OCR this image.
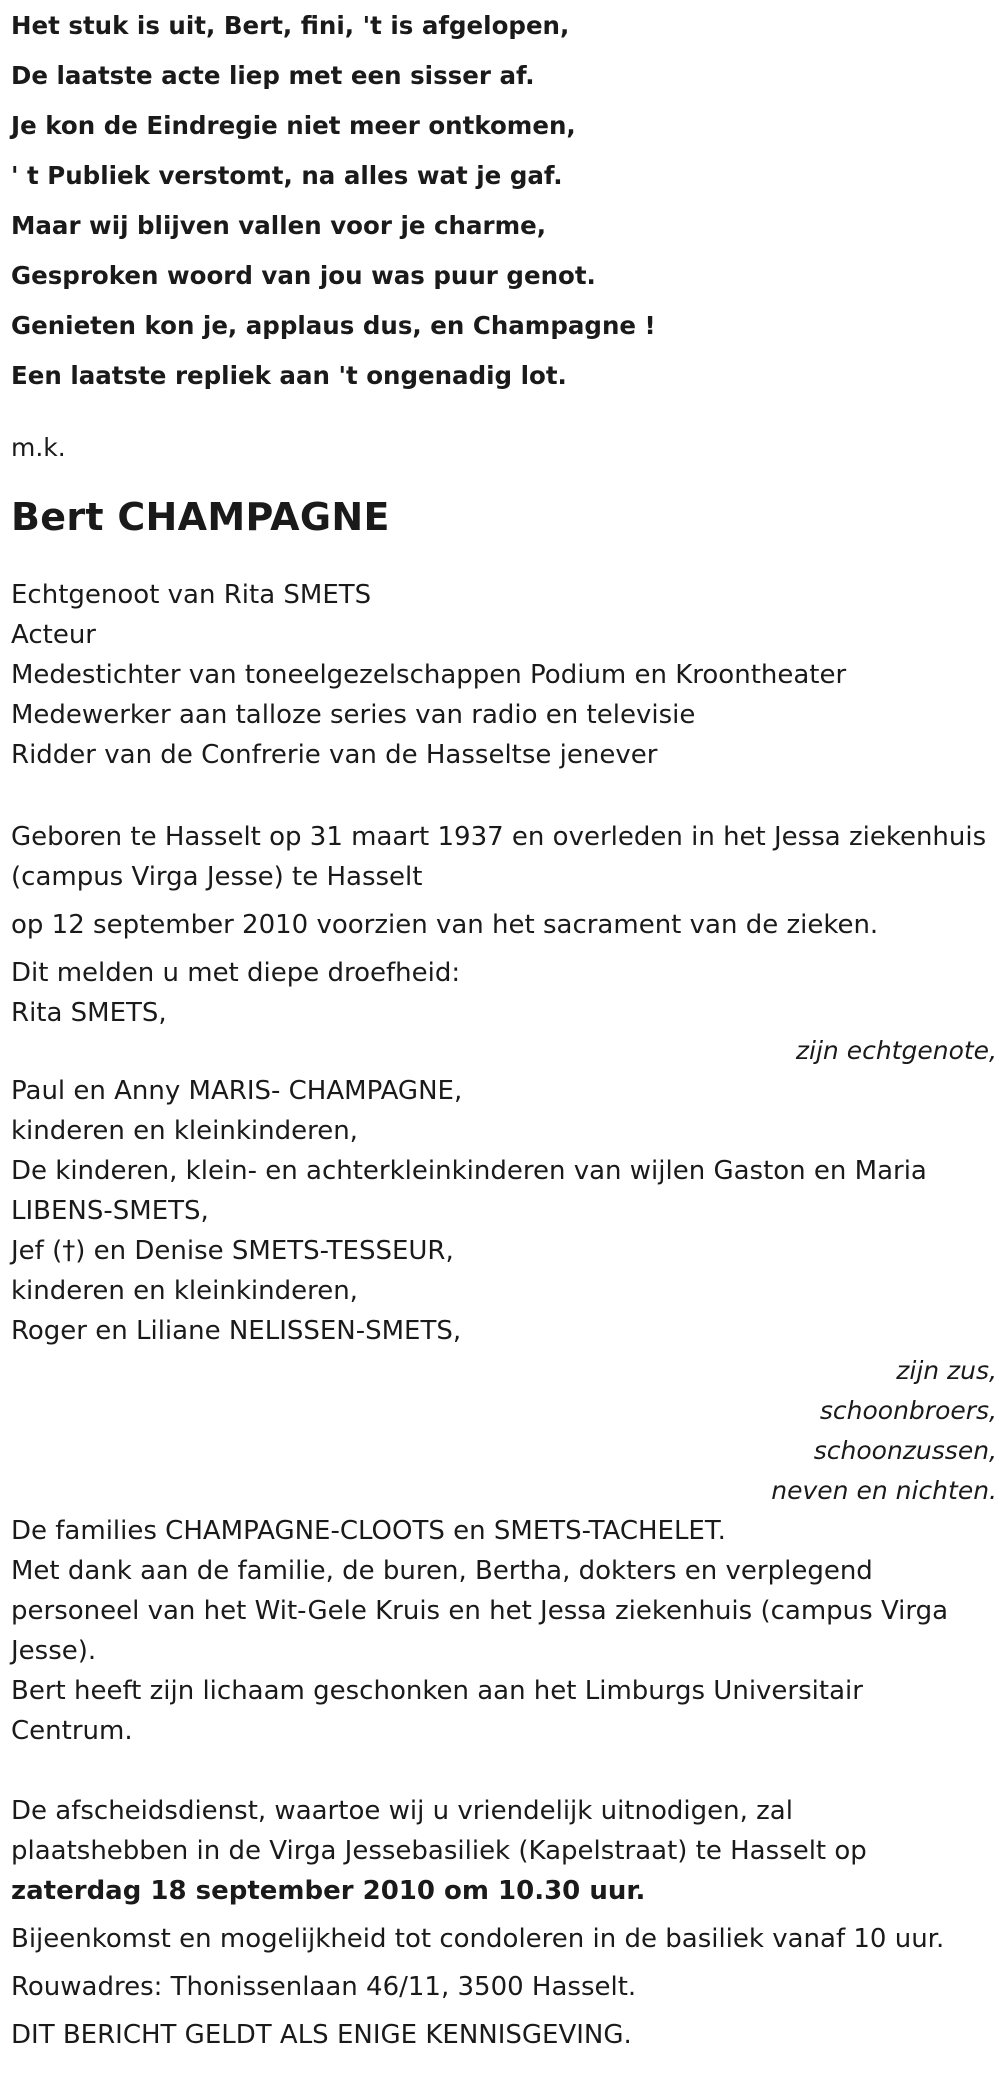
Het stuk is uit, Bert, fini, 't is afgelopen,
De laatste acte liep met een sisser af.
Je kon de Eindregie niet meer ontkomen,
' t Publiek verstomt, na alles wat je gaf.
Maar wij blijven vallen voor je charme,
Gesproken woord van jou was puur genot.
Genieten kon je, applaus dus, en Champagne !
Een laatste repliek aan 't ongenadig lot.
m.k.
Bert CHAMPAGNE
Echtgenoot van Rita SMETS
Acteur
Medestichter van toneelgezelschappen Podium en Kroontheater
Medewerker aan talloze series van radio en televisie
Ridder van de Confrerie van de Hasseltse jenever
Geboren te Hasselt op 31 maart 1937 en overleden in het Jessa ziekenhuis
(campus Virga Jesse) te Hasselt
op 12 september 2010 voorzien van het sacrament van de zieken.
Dit melden u met diepe droefheid:
Rita SMETS,
zijn echtgenote,
Paul en Anny MARIS- CHAMPAGNE,
kinderen en kleinkinderen,
De kinderen, klein- en achterkleinkinderen van wijlen Gaston en Maria
LIBENS-SMETS,
Jef (†) en Denise SMETS-TESSEUR,
kinderen en kleinkinderen,
Roger en Liliane NELISSEN-SMETS,
zijn zus,
schoonbroers,
schoonzussen,
neven en nichten.
De families CHAMPAGNE-CLOOTS en SMETS-TACHELET.
Met dank aan de familie, de buren, Bertha, dokters en verplegend
personeel van het Wit-Gele Kruis en het Jessa ziekenhuis (campus Virga
Jesse).
Bert heeft zijn lichaam geschonken aan het Limburgs Universitair
Centrum.
De afscheidsdienst, waartoe wij u vriendelijk uitnodigen, zal
plaatshebben in de Virga Jessebasiliek (Kapelstraat) te Hasselt op
zaterdag 18 september 2010 om 10.30 uur.
Bijeenkomst en mogelijkheid tot condoleren in de basiliek vanaf 10 uur.
Rouwadres: Thonissenlaan 46/11, 3500 Hasselt.
DIT BERICHT GELDT ALS ENIGE KENNISGEVING.
